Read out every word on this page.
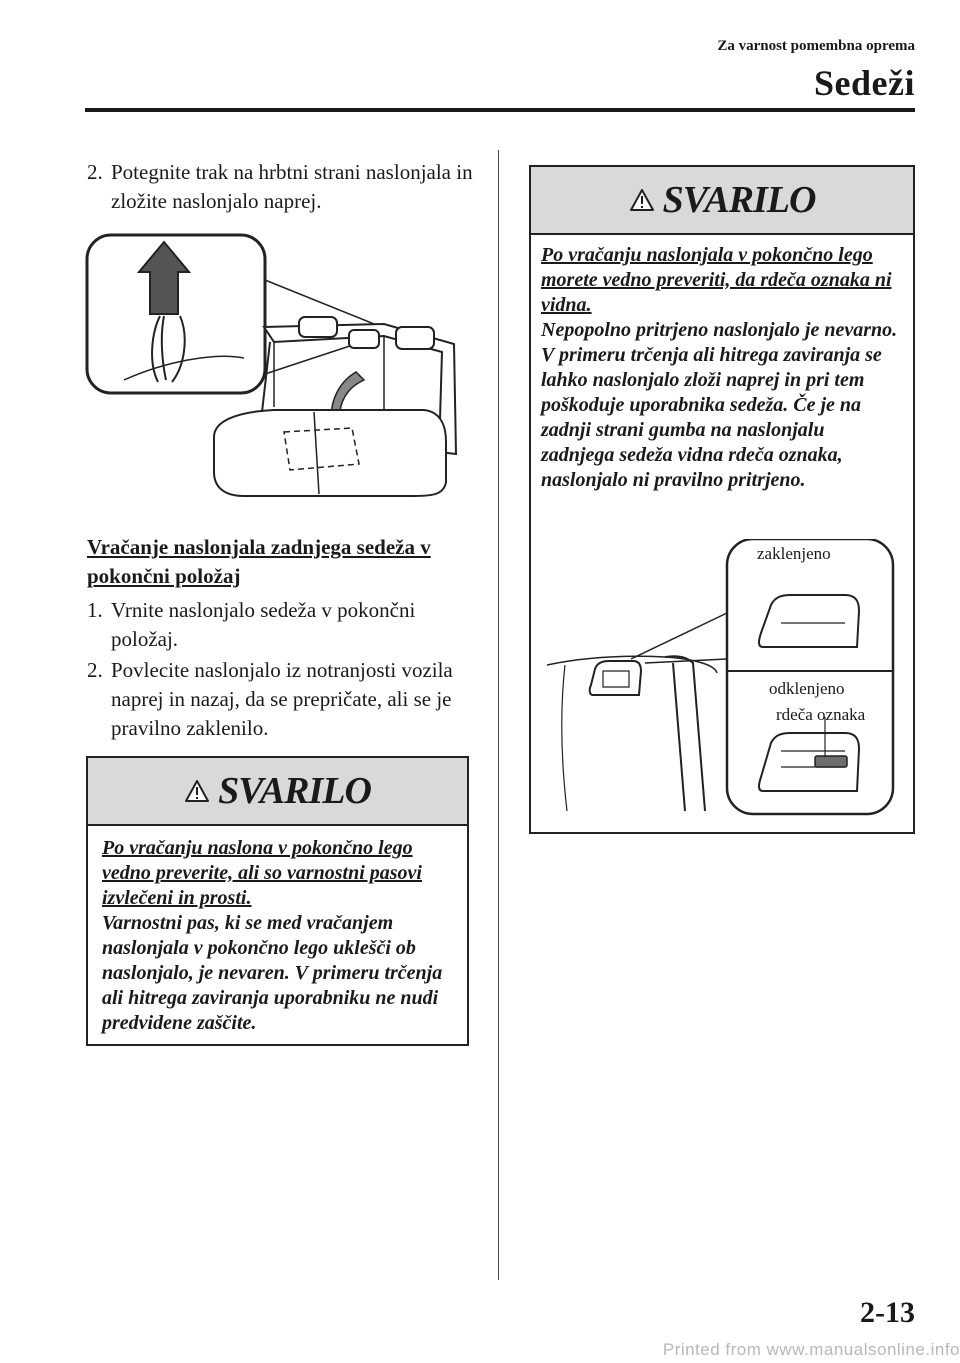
Za varnost pomembna oprema
Sedeži
2. Potegnite trak na hrbtni strani naslonjala in zložite naslonjalo naprej.
Vračanje naslonjala zadnjega sedeža v pokončni položaj
1. Vrnite naslonjalo sedeža v pokončni položaj.
2. Povlecite naslonjalo iz notranjosti vozila naprej in nazaj, da se prepričate, ali se je pravilno zaklenilo.
SVARILO
Po vračanju naslona v pokončno lego vedno preverite, ali so varnostni pasovi izvlečeni in prosti.
Varnostni pas, ki se med vračanjem naslonjala v pokončno lego uklešči ob naslonjalo, je nevaren. V primeru trčenja ali hitrega zaviranja uporabniku ne nudi predvidene zaščite.
SVARILO
Po vračanju naslonjala v pokončno lego morete vedno preveriti, da rdeča oznaka ni vidna.
Nepopolno pritrjeno naslonjalo je nevarno. V primeru trčenja ali hitrega zaviranja se lahko naslonjalo zloži naprej in pri tem poškoduje uporabnika sedeža. Če je na zadnji strani gumba na naslonjalu zadnjega sedeža vidna rdeča oznaka, naslonjalo ni pravilno pritrjeno.
zaklenjeno
odklenjeno
rdeča oznaka
2-13
Printed from www.manualsonline.info
